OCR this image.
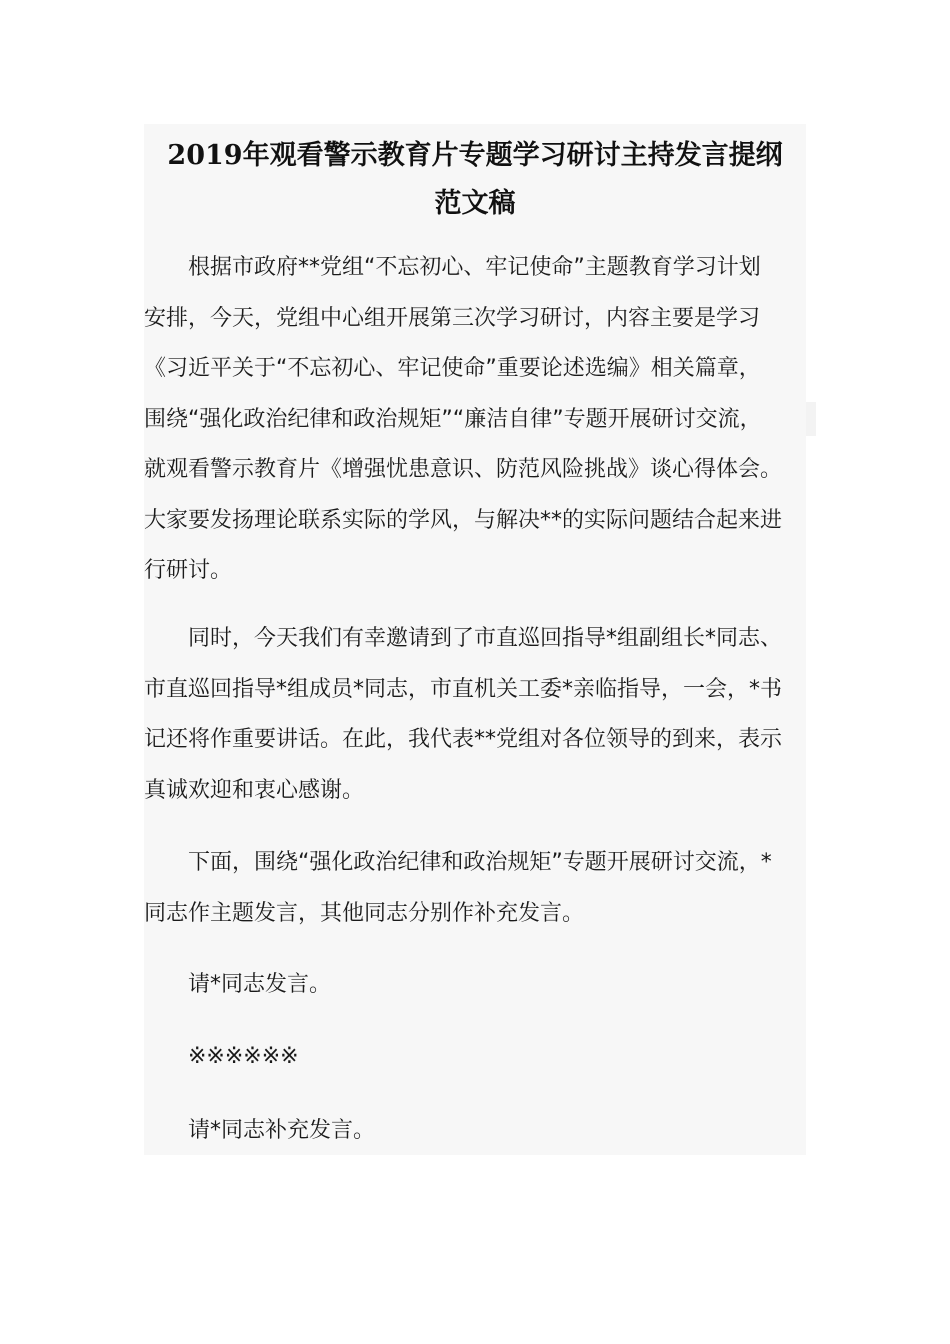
2019年观看警示教育片专题学习研讨主持发言提纲
范文稿
根据市政府**党组“不忘初心、牢记使命”主题教育学习计划
安排，今天，党组中心组开展第三次学习研讨，内容主要是学习
《习近平关于“不忘初心、牢记使命”重要论述选编》相关篇章，
围绕“强化政治纪律和政治规矩”“廉洁自律”专题开展研讨交流，
就观看警示教育片《增强忧患意识、防范风险挑战》谈心得体会。
大家要发扬理论联系实际的学风，与解决**的实际问题结合起来进
行研讨。
同时，今天我们有幸邀请到了市直巡回指导*组副组长*同志、
市直巡回指导*组成员*同志，市直机关工委*亲临指导，一会，*书
记还将作重要讲话。在此，我代表**党组对各位领导的到来，表示
真诚欢迎和衷心感谢。
下面，围绕“强化政治纪律和政治规矩”专题开展研讨交流，*
同志作主题发言，其他同志分别作补充发言。
请*同志发言。
※※※※※※
请*同志补充发言。
